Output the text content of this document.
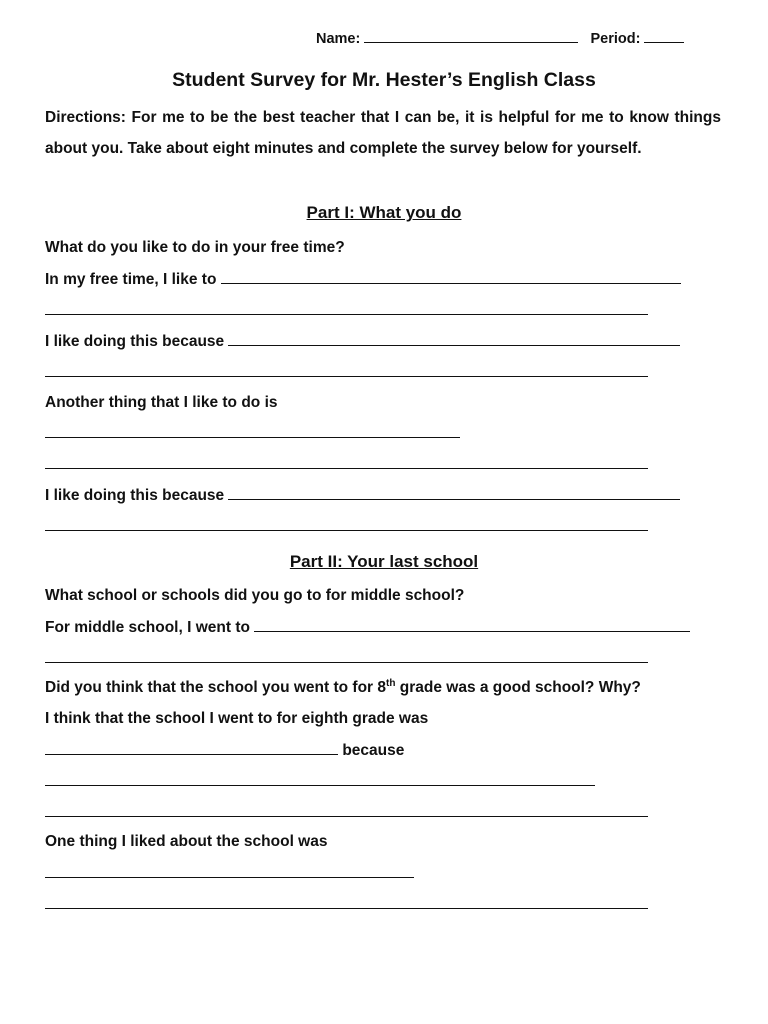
Name:	Period:
Student Survey for Mr. Hester’s English Class
Directions: For me to be the best teacher that I can be, it is helpful for me to know things about you. Take about eight minutes and complete the survey below for yourself.
Part I: What you do
What do you like to do in your free time?
In my free time, I like to
I like doing this because
Another thing that I like to do is
I like doing this because
Part II: Your last school
What school or schools did you go to for middle school?
For middle school, I went to
Did you think that the school you went to for 8th grade was a good school? Why?
I think that the school I went to for eighth grade was
because
One thing I liked about the school was
